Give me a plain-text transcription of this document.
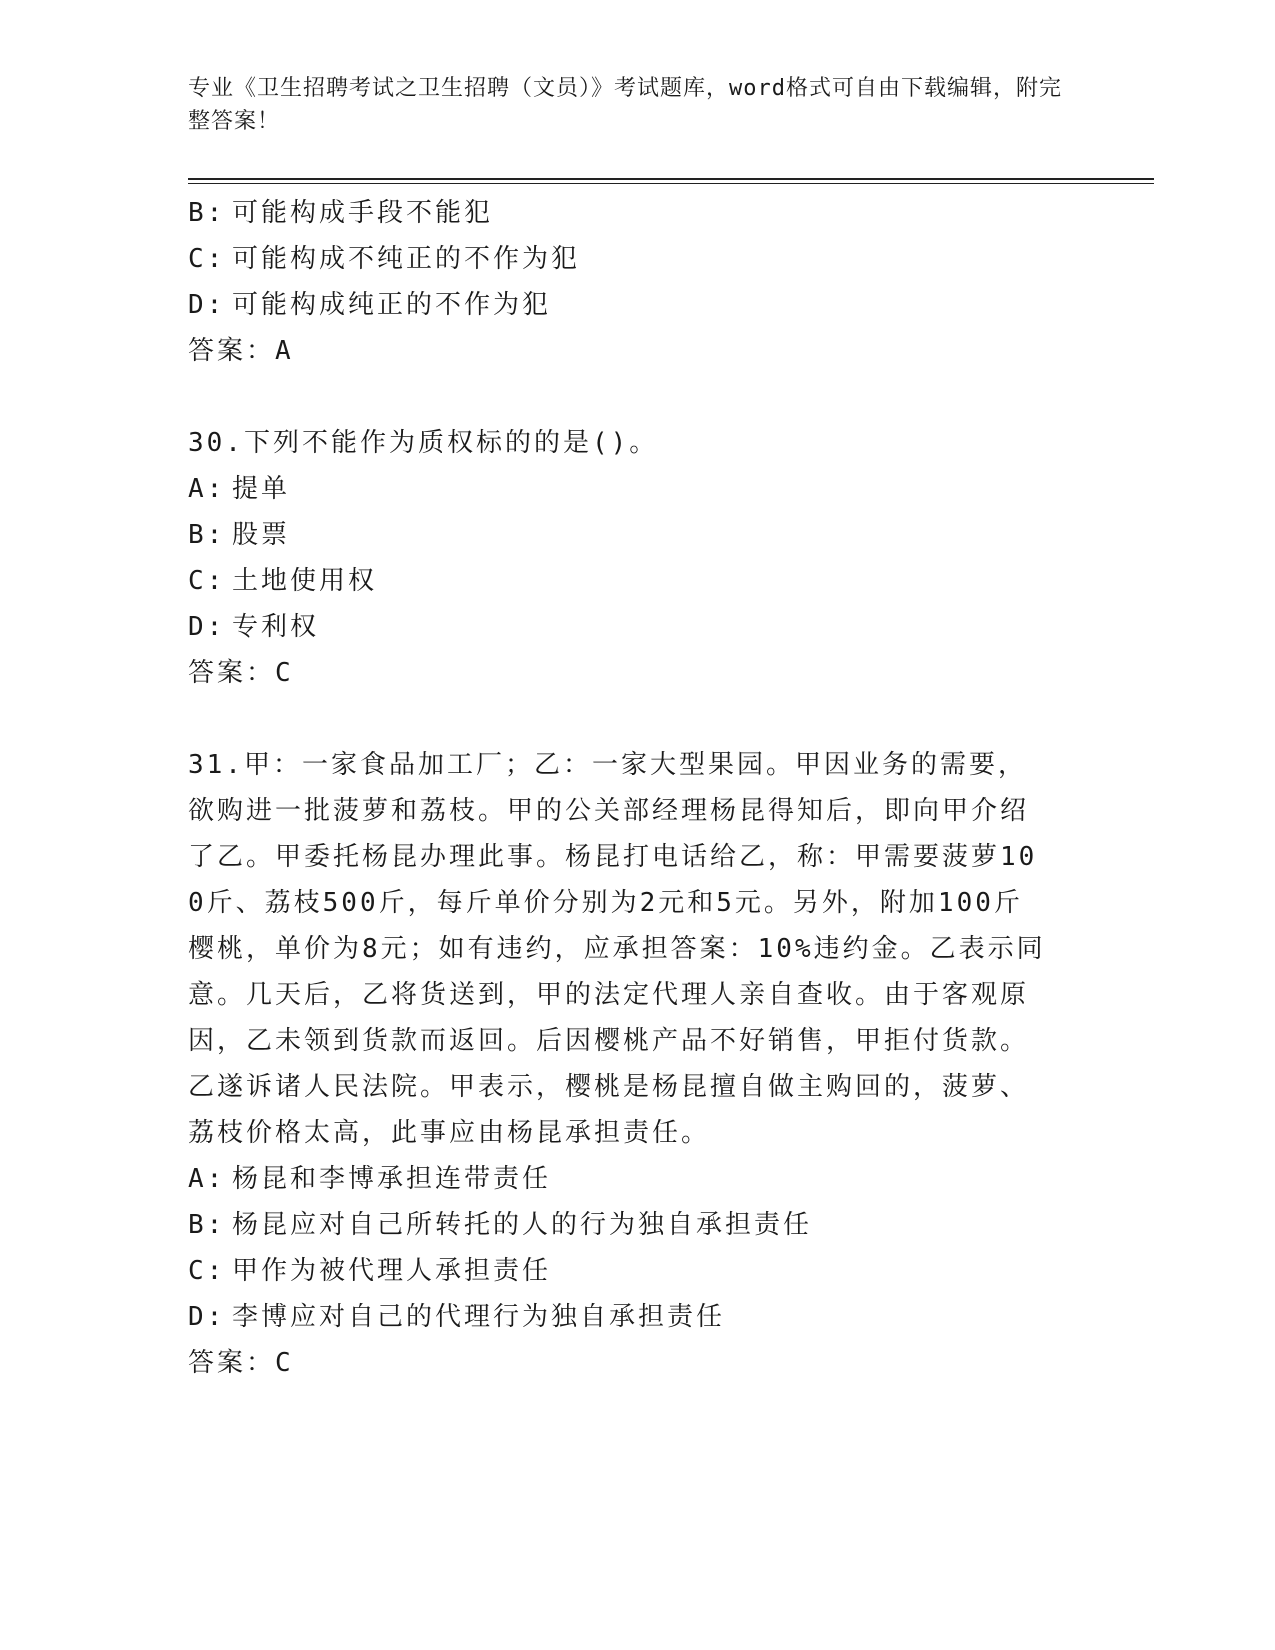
专业《卫生招聘考试之卫生招聘（文员）》考试题库，word格式可自由下载编辑，附完整答案！
B: 可能构成手段不能犯
C: 可能构成不纯正的不作为犯
D: 可能构成纯正的不作为犯
答案：A
30.下列不能作为质权标的的是()。
A: 提单
B: 股票
C: 土地使用权
D: 专利权
答案：C
31.甲：一家食品加工厂；乙：一家大型果园。甲因业务的需要，欲购进一批菠萝和荔枝。甲的公关部经理杨昆得知后，即向甲介绍了乙。甲委托杨昆办理此事。杨昆打电话给乙，称：甲需要菠萝100斤、荔枝500斤，每斤单价分别为2元和5元。另外，附加100斤樱桃，单价为8元；如有违约，应承担答案：10%违约金。乙表示同意。几天后，乙将货送到，甲的法定代理人亲自查收。由于客观原因，乙未领到货款而返回。后因樱桃产品不好销售，甲拒付货款。乙遂诉诸人民法院。甲表示，樱桃是杨昆擅自做主购回的，菠萝、荔枝价格太高，此事应由杨昆承担责任。
A: 杨昆和李博承担连带责任
B: 杨昆应对自己所转托的人的行为独自承担责任
C: 甲作为被代理人承担责任
D: 李博应对自己的代理行为独自承担责任
答案：C
